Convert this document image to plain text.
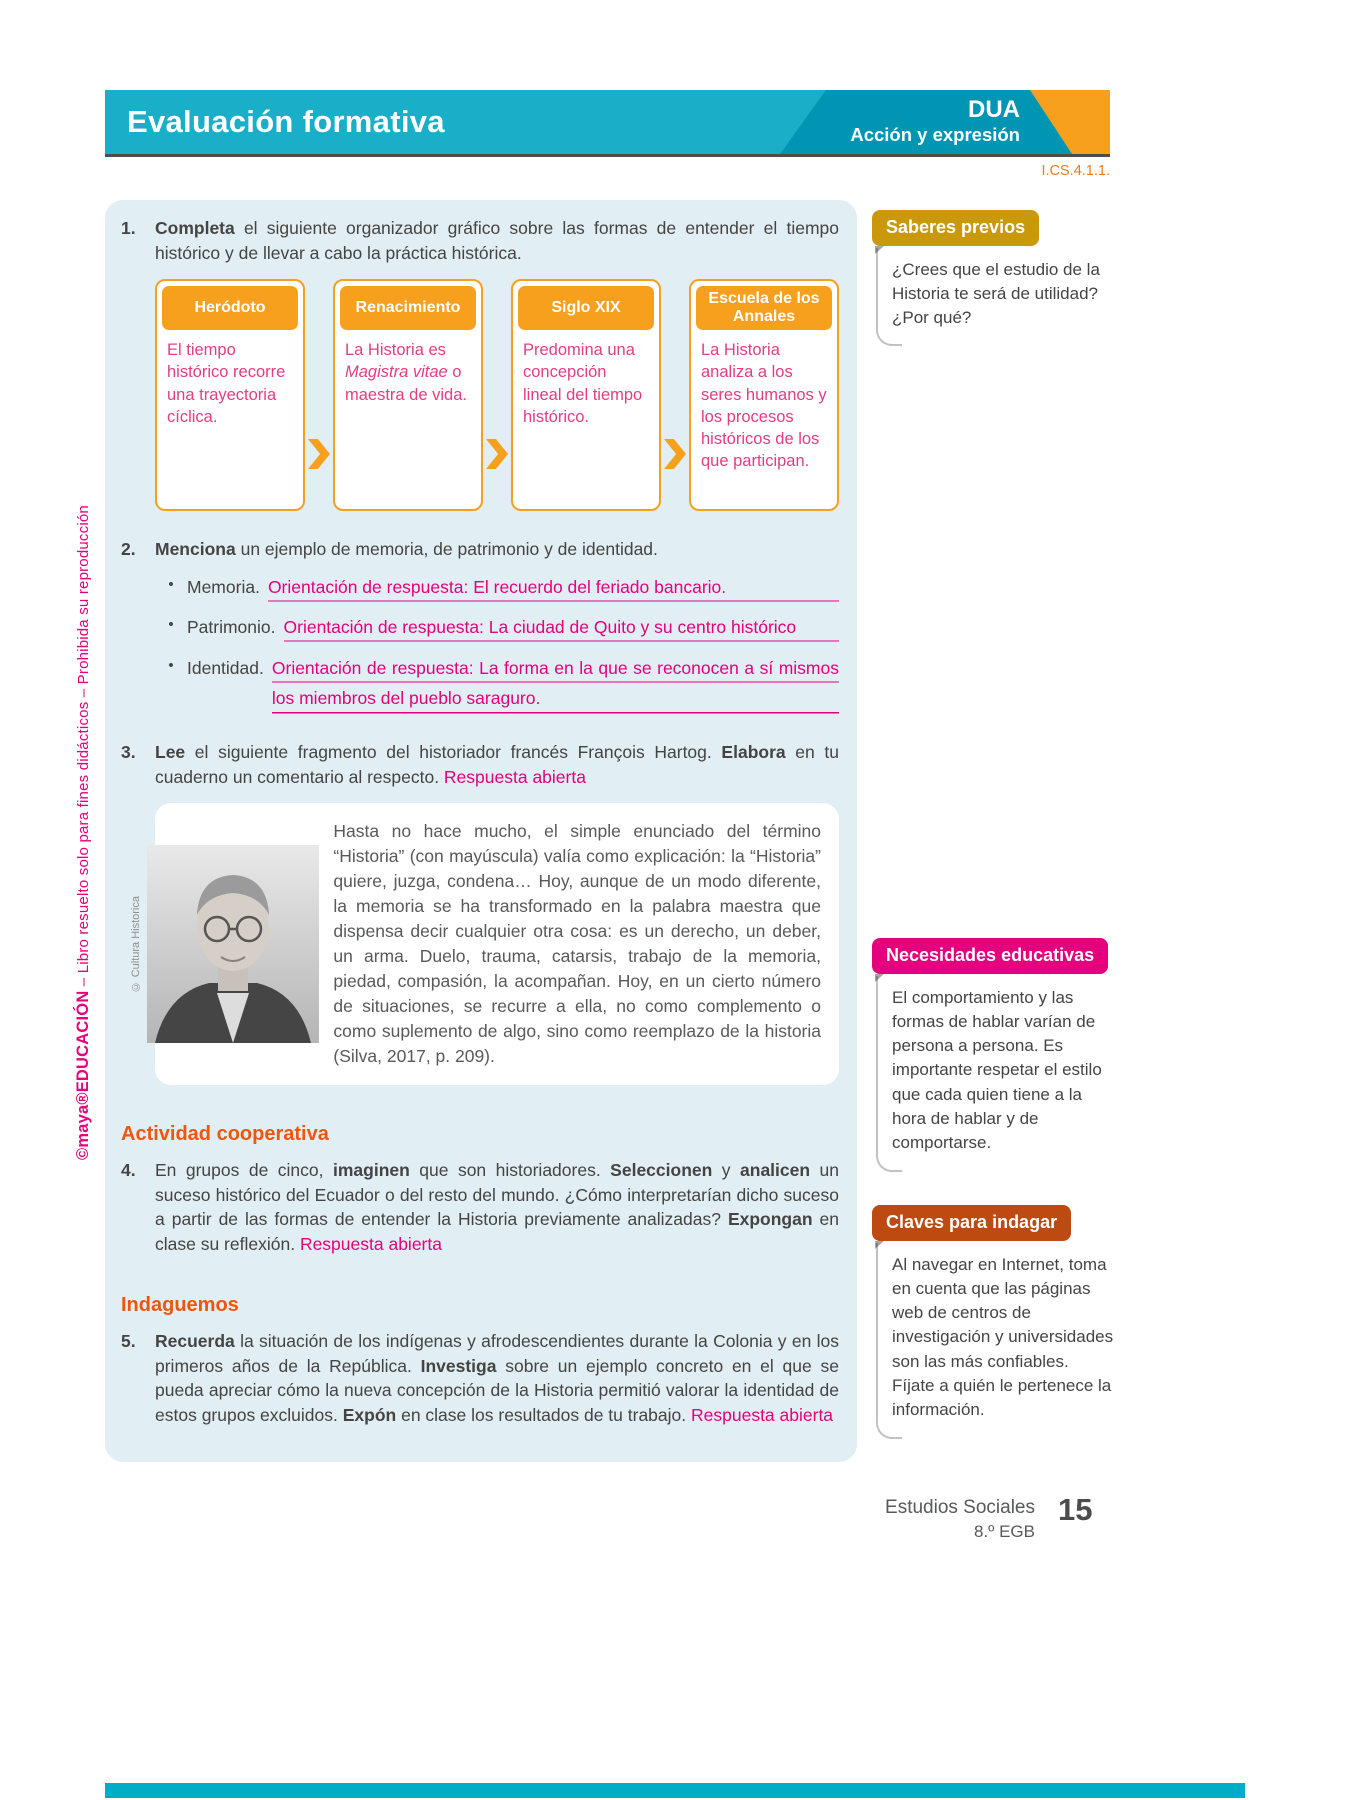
Evaluación formativa	DUA
Acción y expresión
I.CS.4.1.1.
©maya®EDUCACIÓN – Libro resuelto solo para fines didácticos – Prohibida su reproducción
1.	Completa el siguiente organizador gráfico sobre las formas de entender el tiempo histórico y de llevar a cabo la práctica histórica.

Heródoto
El tiempo histórico recorre una trayectoria cíclica.
Renacimiento
La Historia es Magistra vitae o maestra de vida.
Siglo XIX
Predomina una concepción lineal del tiempo histórico.
Escuela de los Annales
La Historia analiza a los seres humanos y los procesos históricos de los que participan.
2.	Menciona un ejemplo de memoria, de patrimonio y de identidad.

• Memoria. Orientación de respuesta: El recuerdo del feriado bancario.
• Patrimonio. Orientación de respuesta: La ciudad de Quito y su centro histórico
• Identidad. Orientación de respuesta: La forma en la que se reconocen a sí mismos los miembros del pueblo saraguro.
3.	Lee el siguiente fragmento del historiador francés François Hartog. Elabora en tu cuaderno un comentario al respecto. Respuesta abierta

© Cultura Historica
Hasta no hace mucho, el simple enunciado del término “Historia” (con mayúscula) valía como explicación: la “Historia” quiere, juzga, condena… Hoy, aunque de un modo diferente, la memoria se ha transformado en la palabra maestra que dispensa decir cualquier otra cosa: es un derecho, un deber, un arma. Duelo, trauma, catarsis, trabajo de la memoria, piedad, compasión, la acompañan. Hoy, en un cierto número de situaciones, se recurre a ella, no como complemento o como suplemento de algo, sino como reemplazo de la historia (Silva, 2017, p. 209).
Actividad cooperativa
4.	En grupos de cinco, imaginen que son historiadores. Seleccionen y analicen un suceso histórico del Ecuador o del resto del mundo. ¿Cómo interpretarían dicho suceso a partir de las formas de entender la Historia previamente analizadas? Expongan en clase su reflexión. Respuesta abierta

Indaguemos
5.	Recuerda la situación de los indígenas y afrodescendientes durante la Colonia y en los primeros años de la República. Investiga sobre un ejemplo concreto en el que se pueda apreciar cómo la nueva concepción de la Historia permitió valorar la identidad de estos grupos excluidos. Expón en clase los resultados de tu trabajo. Respuesta abierta

Saberes previos
¿Crees que el estudio de la Historia te será de utilidad? ¿Por qué?
Necesidades educativas
El comportamiento y las formas de hablar varían de persona a persona. Es importante respetar el estilo que cada quien tiene a la hora de hablar y de comportarse.
Claves para indagar
Al navegar en Internet, toma en cuenta que las páginas web de centros de investigación y universidades son las más confiables. Fíjate a quién le pertenece la información.
Estudios Sociales
8.º EGB
15
